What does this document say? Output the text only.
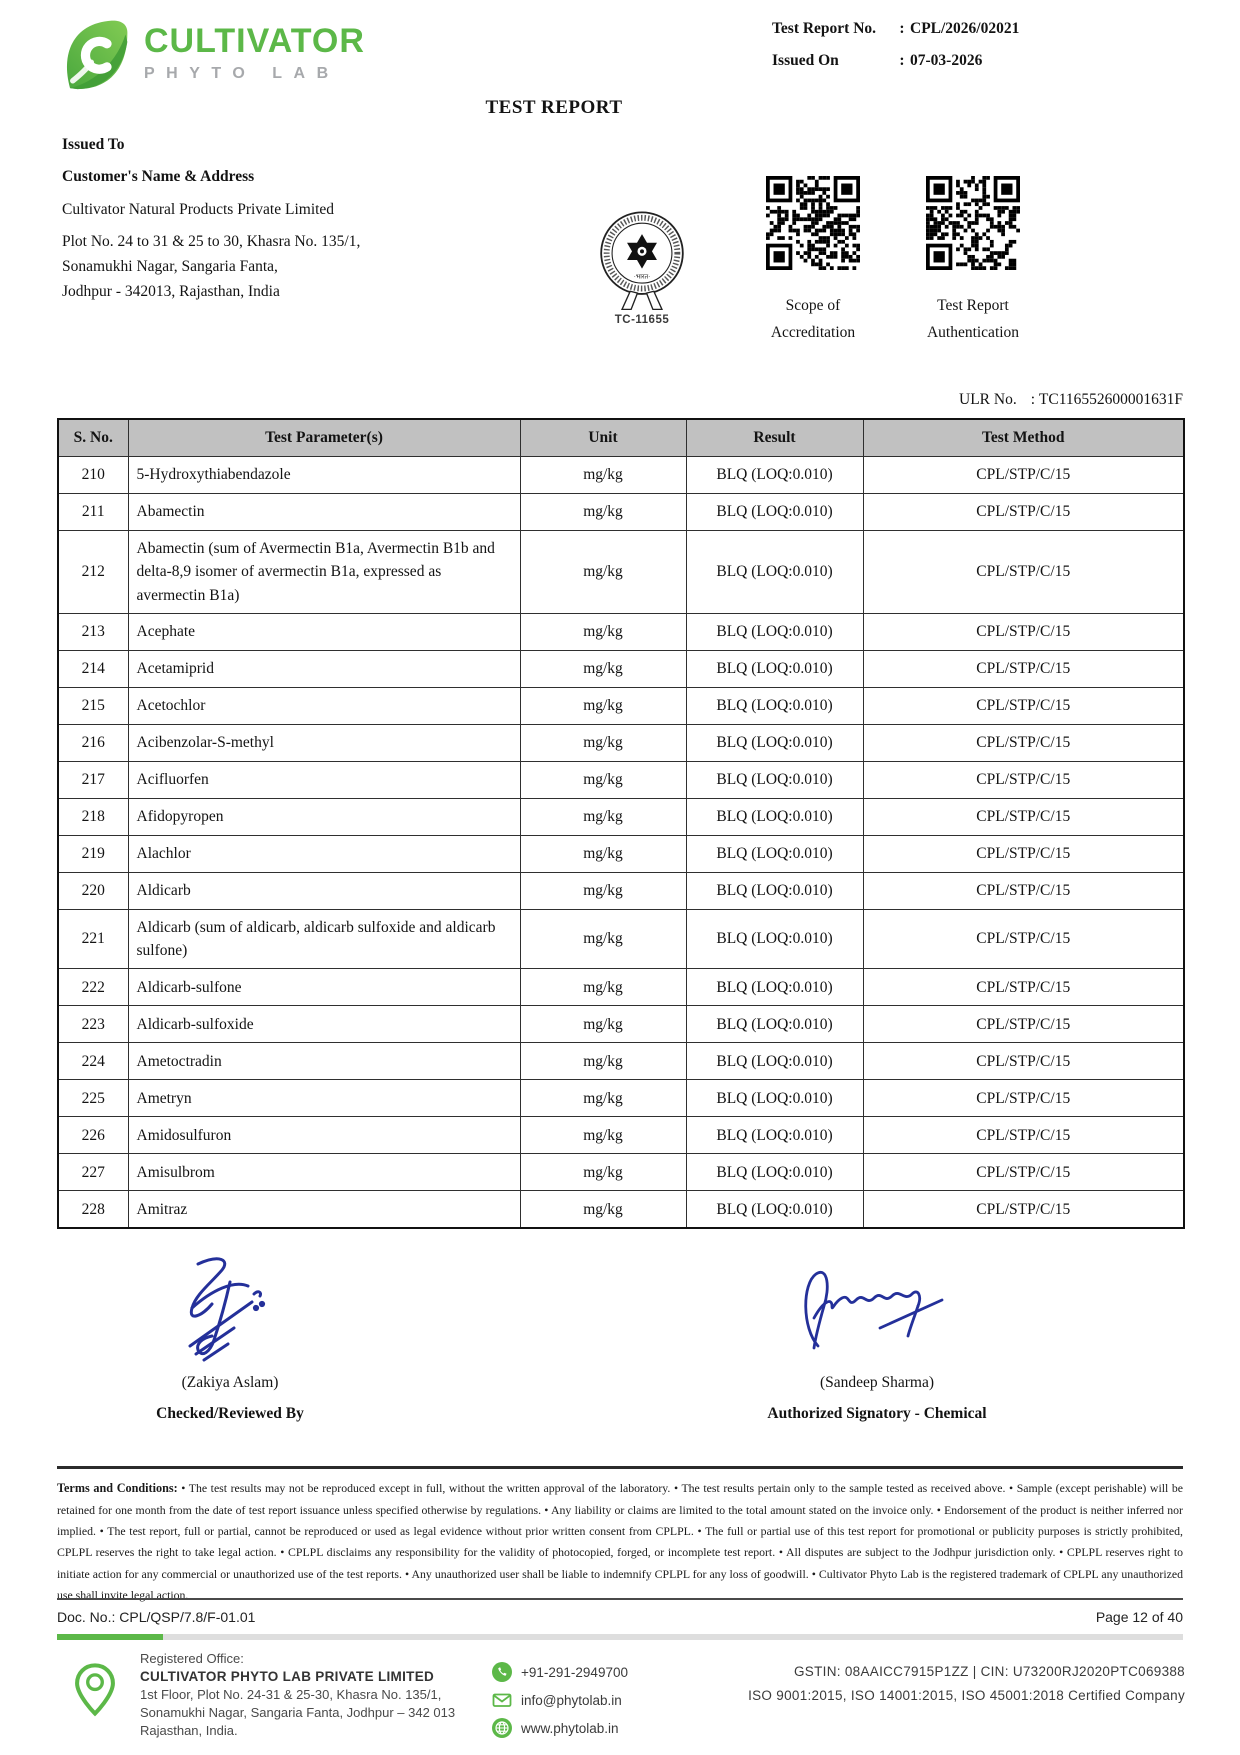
CULTIVATOR
PHYTO LAB
Test Report No.	: CPL/2026/02021
Issued On	: 07-03-2026
TEST REPORT
Issued To
Customer's Name & Address
Cultivator Natural Products Private Limited
Plot No. 24 to 31 & 25 to 30, Khasra No. 135/1,
Sonamukhi Nagar, Sangaria Fanta,
Jodhpur - 342013, Rajasthan, India
·भारत·
TC-11655
Scope of
Accreditation
Test Report
Authentication
ULR No. : TC116552600001631F
S. No.	Test Parameter(s)	Unit	Result	Test Method
210	5-Hydroxythiabendazole	mg/kg	BLQ (LOQ:0.010)	CPL/STP/C/15
211	Abamectin	mg/kg	BLQ (LOQ:0.010)	CPL/STP/C/15
212	Abamectin (sum of Avermectin B1a, Avermectin B1b and delta-8,9 isomer of avermectin B1a, expressed as avermectin B1a)	mg/kg	BLQ (LOQ:0.010)	CPL/STP/C/15
213	Acephate	mg/kg	BLQ (LOQ:0.010)	CPL/STP/C/15
214	Acetamiprid	mg/kg	BLQ (LOQ:0.010)	CPL/STP/C/15
215	Acetochlor	mg/kg	BLQ (LOQ:0.010)	CPL/STP/C/15
216	Acibenzolar-S-methyl	mg/kg	BLQ (LOQ:0.010)	CPL/STP/C/15
217	Acifluorfen	mg/kg	BLQ (LOQ:0.010)	CPL/STP/C/15
218	Afidopyropen	mg/kg	BLQ (LOQ:0.010)	CPL/STP/C/15
219	Alachlor	mg/kg	BLQ (LOQ:0.010)	CPL/STP/C/15
220	Aldicarb	mg/kg	BLQ (LOQ:0.010)	CPL/STP/C/15
221	Aldicarb (sum of aldicarb, aldicarb sulfoxide and aldicarb sulfone)	mg/kg	BLQ (LOQ:0.010)	CPL/STP/C/15
222	Aldicarb-sulfone	mg/kg	BLQ (LOQ:0.010)	CPL/STP/C/15
223	Aldicarb-sulfoxide	mg/kg	BLQ (LOQ:0.010)	CPL/STP/C/15
224	Ametoctradin	mg/kg	BLQ (LOQ:0.010)	CPL/STP/C/15
225	Ametryn	mg/kg	BLQ (LOQ:0.010)	CPL/STP/C/15
226	Amidosulfuron	mg/kg	BLQ (LOQ:0.010)	CPL/STP/C/15
227	Amisulbrom	mg/kg	BLQ (LOQ:0.010)	CPL/STP/C/15
228	Amitraz	mg/kg	BLQ (LOQ:0.010)	CPL/STP/C/15
(Zakiya Aslam)
Checked/Reviewed By
(Sandeep Sharma)
Authorized Signatory - Chemical
Terms and Conditions: • The test results may not be reproduced except in full, without the written approval of the laboratory. • The test results pertain only to the sample tested as received above. • Sample (except perishable) will be retained for one month from the date of test report issuance unless specified otherwise by regulations. • Any liability or claims are limited to the total amount stated on the invoice only. • Endorsement of the product is neither inferred nor implied. • The test report, full or partial, cannot be reproduced or used as legal evidence without prior written consent from CPLPL. • The full or partial use of this test report for promotional or publicity purposes is strictly prohibited, CPLPL reserves the right to take legal action. • CPLPL disclaims any responsibility for the validity of photocopied, forged, or incomplete test report. • All disputes are subject to the Jodhpur jurisdiction only. • CPLPL reserves right to initiate action for any commercial or unauthorized use of the test reports. • Any unauthorized user shall be liable to indemnify CPLPL for any loss of goodwill. • Cultivator Phyto Lab is the registered trademark of CPLPL any unauthorized use shall invite legal action.
Doc. No.: CPL/QSP/7.8/F-01.01	Page 12 of 40
Registered Office:
CULTIVATOR PHYTO LAB PRIVATE LIMITED
1st Floor, Plot No. 24-31 & 25-30, Khasra No. 135/1,
Sonamukhi Nagar, Sangaria Fanta, Jodhpur – 342 013
Rajasthan, India.
+91-291-2949700
info@phytolab.in
www.phytolab.in
GSTIN: 08AAICC7915P1ZZ | CIN: U73200RJ2020PTC069388
ISO 9001:2015, ISO 14001:2015, ISO 45001:2018 Certified Company
